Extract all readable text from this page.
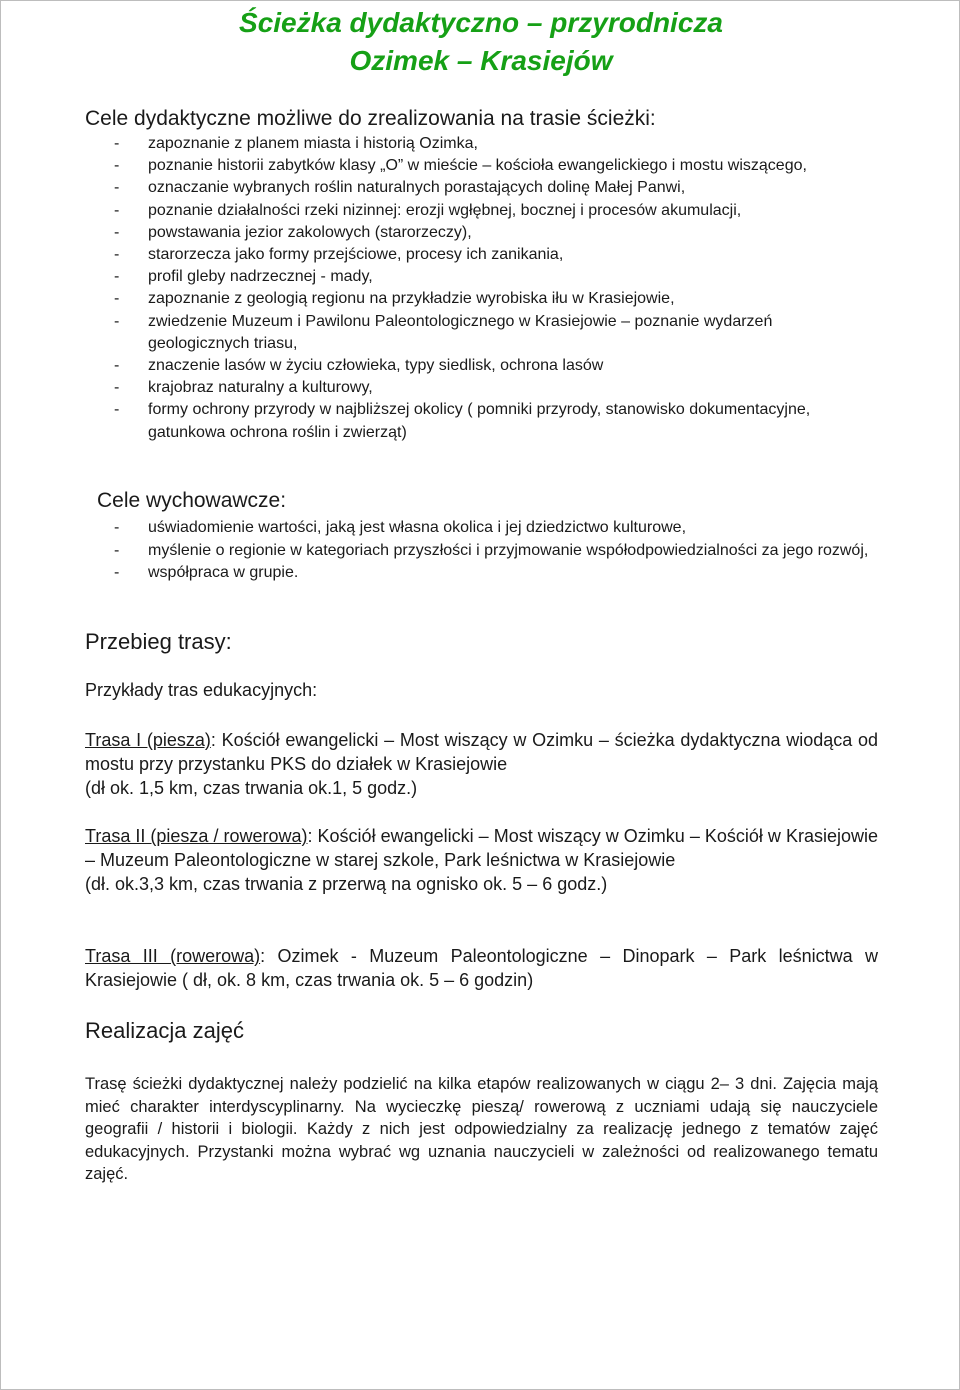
Ścieżka dydaktyczno – przyrodnicza
Ozimek – Krasiejów
Cele dydaktyczne możliwe do zrealizowania na trasie ścieżki:
- zapoznanie z planem miasta i historią Ozimka,
- poznanie historii zabytków klasy „O” w mieście – kościoła ewangelickiego i mostu wiszącego,
- oznaczanie wybranych roślin naturalnych porastających dolinę Małej Panwi,
- poznanie działalności rzeki nizinnej: erozji wgłębnej, bocznej i procesów akumulacji,
- powstawania jezior zakolowych (starorzeczy),
- starorzecza jako formy przejściowe, procesy ich zanikania,
- profil gleby nadrzecznej - mady,
- zapoznanie z geologią regionu na przykładzie wyrobiska iłu w Krasiejowie,
- zwiedzenie Muzeum i Pawilonu Paleontologicznego w Krasiejowie – poznanie wydarzeń geologicznych triasu,
- znaczenie lasów w życiu człowieka, typy siedlisk, ochrona lasów
- krajobraz naturalny a kulturowy,
- formy ochrony przyrody w najbliższej okolicy ( pomniki przyrody, stanowisko dokumentacyjne, gatunkowa ochrona roślin i zwierząt)
Cele wychowawcze:
- uświadomienie wartości, jaką jest własna okolica i jej dziedzictwo kulturowe,
- myślenie o regionie w kategoriach przyszłości i przyjmowanie współodpowiedzialności za jego rozwój,
- współpraca w grupie.
Przebieg trasy:
Przykłady tras edukacyjnych:
Trasa I (piesza): Kościół ewangelicki – Most wiszący w Ozimku – ścieżka dydaktyczna wiodąca od mostu przy przystanku PKS do działek w Krasiejowie
(dł ok. 1,5 km, czas trwania ok.1, 5 godz.)
Trasa II (piesza / rowerowa): Kościół ewangelicki – Most wiszący w Ozimku – Kościół w Krasiejowie – Muzeum Paleontologiczne w starej szkole, Park leśnictwa w Krasiejowie
(dł. ok.3,3 km, czas trwania z przerwą na ognisko ok. 5 – 6 godz.)
Trasa III (rowerowa): Ozimek - Muzeum Paleontologiczne – Dinopark – Park leśnictwa w Krasiejowie ( dł, ok. 8 km, czas trwania ok. 5 – 6 godzin)
Realizacja zajęć
Trasę ścieżki dydaktycznej należy podzielić na kilka etapów realizowanych w ciągu 2– 3 dni. Zajęcia mają mieć charakter interdyscyplinarny. Na wycieczkę pieszą/ rowerową z uczniami udają się nauczyciele geografii / historii i biologii. Każdy z nich jest odpowiedzialny za realizację jednego z tematów zajęć edukacyjnych. Przystanki można wybrać wg uznania nauczycieli w zależności od realizowanego tematu zajęć.
